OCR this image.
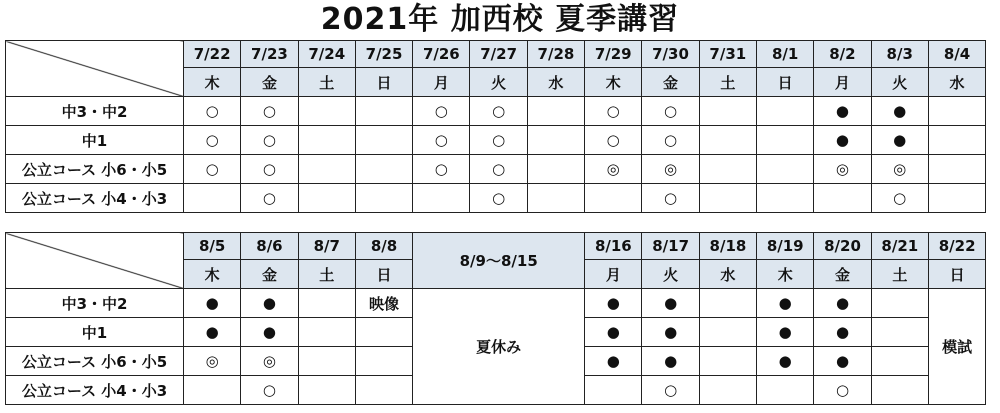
2021年 加西校 夏季講習
	7/22	7/23	7/24	7/25	7/26	7/27	7/28	7/29	7/30	7/31	8/1	8/2	8/3	8/4
	木	金	土	日	月	火	水	木	金	土	日	月	火	水
中3・中2	○	○			○	○		○	○			●	●	
中1	○	○			○	○		○	○			●	●	
公立コース 小6・小5	○	○			○	○		◎	◎			◎	◎	
公立コース 小4・小3		○				○			○				○	
	8/5	8/6	8/7	8/8	8/9～8/15	8/16	8/17	8/18	8/19	8/20	8/21	8/22
	木	金	土	日		月	火	水	木	金	土	日
中3・中2	●	●		映像	夏休み	●	●		●	●		模試
中1	●	●				●	●		●	●		
公立コース 小6・小5	◎	◎				●	●		●	●		
公立コース 小4・小3		○					○			○		
